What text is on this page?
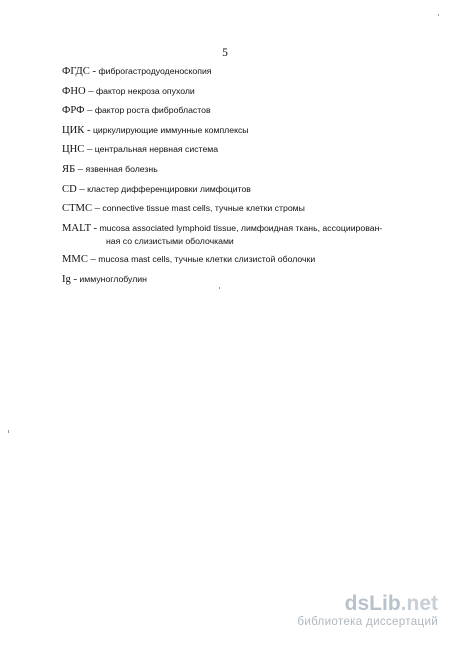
5
ФГДС - фиброгастродуоденоскопия
ФНО – фактор некроза опухоли
ФРФ – фактор роста фибробластов
ЦИК - циркулирующие иммунные комплексы
ЦНС – центральная нервная система
ЯБ – язвенная болезнь
CD – кластер дифференцировки лимфоцитов
CTMC – connective tissue mast cells, тучные клетки стромы
MALT - mucosa associated lymphoid tissue, лимфоидная ткань, ассоциирован-
ная со слизистыми оболочками
MMC – mucosa mast cells, тучные клетки слизистой оболочки
Ig - иммуноглобулин
dsLib.net
библиотека диссертаций
